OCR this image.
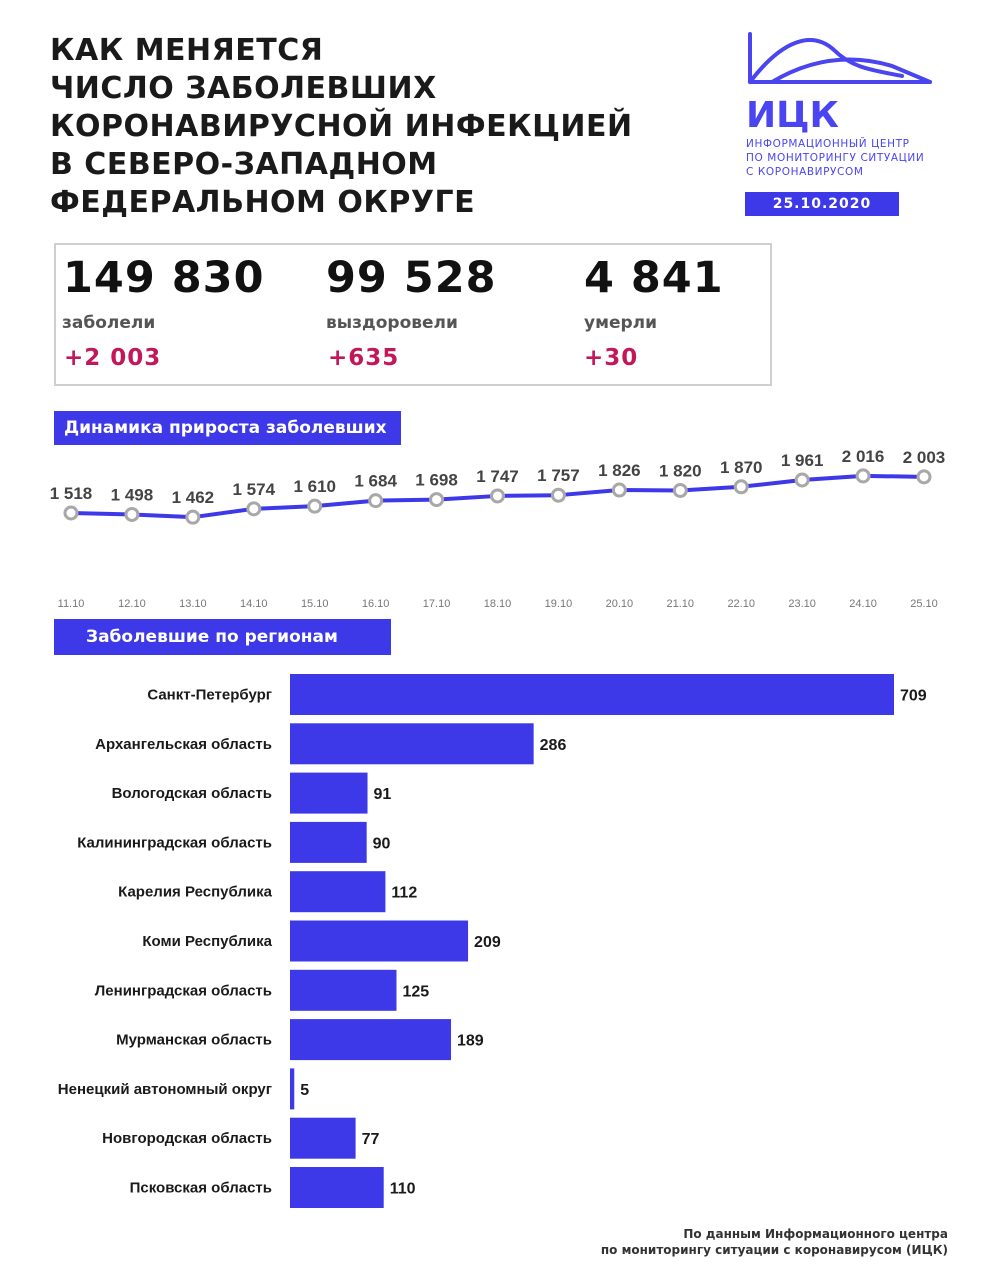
КАК МЕНЯЕТСЯ
ЧИСЛО ЗАБОЛЕВШИХ
КОРОНАВИРУСНОЙ ИНФЕКЦИЕЙ
В СЕВЕРО-ЗАПАДНОМ
ФЕДЕРАЛЬНОМ ОКРУГЕ
ИЦК
ИНФОРМАЦИОННЫЙ ЦЕНТР
ПО МОНИТОРИНГУ СИТУАЦИИ
С КОРОНАВИРУСОМ
25.10.2020
149 830
заболели
+2 003
99 528
выздоровели
+635
4 841
умерли
+30
Динамика прироста заболевших
1 518
11.10
1 498
12.10
1 462
13.10
1 574
14.10
1 610
15.10
1 684
16.10
1 698
17.10
1 747
18.10
1 757
19.10
1 826
20.10
1 820
21.10
1 870
22.10
1 961
23.10
2 016
24.10
2 003
25.10
Заболевшие по регионам
Санкт-Петербург	709
Архангельская область	286
Вологодская область	91
Калининградская область	90
Карелия Республика	112
Коми Республика	209
Ленинградская область	125
Мурманская область	189
Ненецкий автономный округ 5
Новгородская область	77
Псковская область	110
По данным Информационного центра
по мониторингу ситуации с коронавирусом (ИЦК)
